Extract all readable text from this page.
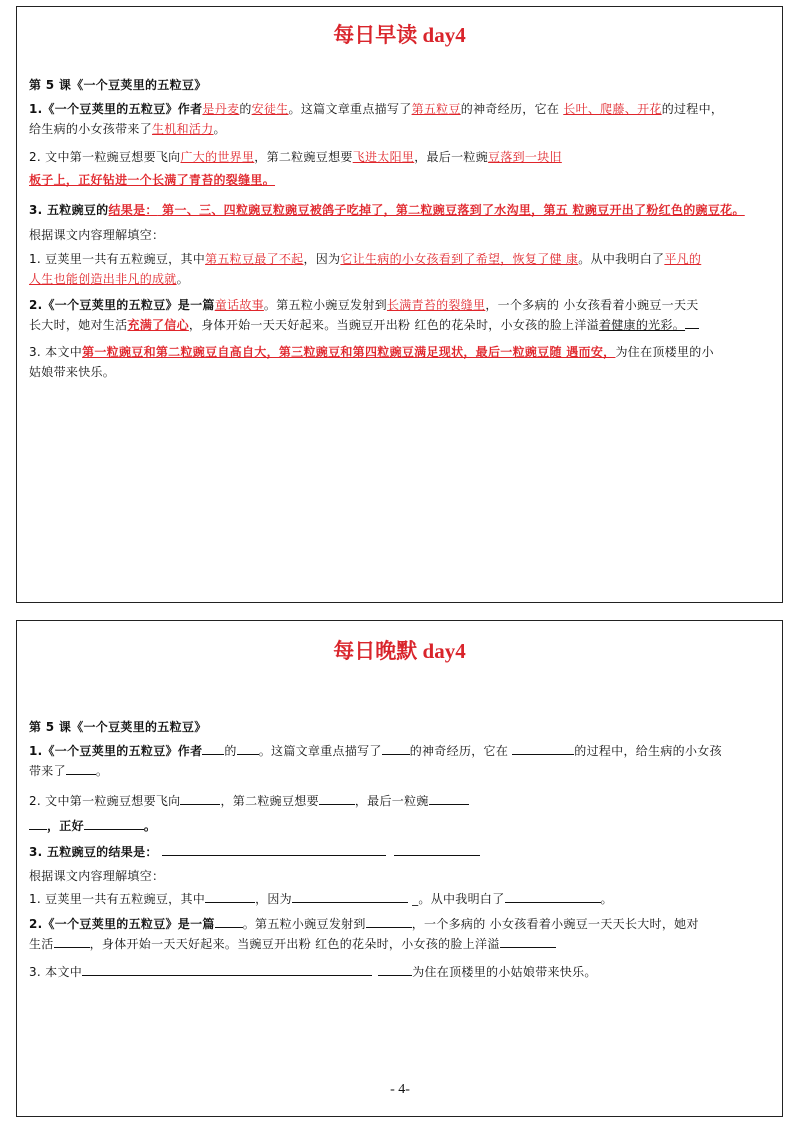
每日早读 day4
第 5 课《一个豆荚里的五粒豆》
1.《一个豆荚里的五粒豆》作者是丹麦的安徒生。这篇文章重点描写了第五粒豆的神奇经历，它在 长叶、爬藤、开花的过程中，
给生病的小女孩带来了生机和活力。
2. 文中第一粒豌豆想要飞向广大的世界里，第二粒豌豆想要飞进太阳里，最后一粒豌豆落到一块旧
板子上，正好钻进一个长满了青苔的裂缝里。
3. 五粒豌豆的结果是： 第一、三、四粒豌豆粒豌豆被鸽子吃掉了，第二粒豌豆落到了水沟里，第五 粒豌豆开出了粉红色的豌豆花。
根据课文内容理解填空：
1. 豆荚里一共有五粒豌豆，其中第五粒豆最了不起，因为它让生病的小女孩看到了希望，恢复了健 康。从中我明白了平凡的
人生也能创造出非凡的成就。
2.《一个豆荚里的五粒豆》是一篇童话故事。第五粒小豌豆发射到长满青苔的裂缝里，一个多病的 小女孩看着小豌豆一天天
长大时，她对生活充满了信心，身体开始一天天好起来。当豌豆开出粉 红色的花朵时，小女孩的脸上洋溢着健康的光彩。
3. 本文中第一粒豌豆和第二粒豌豆自高自大，第三粒豌豆和第四粒豌豆满足现状，最后一粒豌豆随 遇而安，为住在顶楼里的小
姑娘带来快乐。
每日晚默 day4
第 5 课《一个豆荚里的五粒豆》
1.《一个豆荚里的五粒豆》作者 的 。这篇文章重点描写了 的神奇经历，它在	的过程中，给生病的小女孩
带来了	。
2. 文中第一粒豌豆想要飞向	，第二粒豌豆想要	，最后一粒豌
，正好	。
3. 五粒豌豆的结果是：
根据课文内容理解填空：
1. 豆荚里一共有五粒豌豆，其中	，因为	_。从中我明白了	。
2.《一个豆荚里的五粒豆》是一篇 。第五粒小豌豆发射到	，一个多病的 小女孩看着小豌豆一天天长大时，她对
生活	，身体开始一天天好起来。当豌豆开出粉 红色的花朵时，小女孩的脸上洋溢
3. 本文中	为住在顶楼里的小姑娘带来快乐。
- 4-
